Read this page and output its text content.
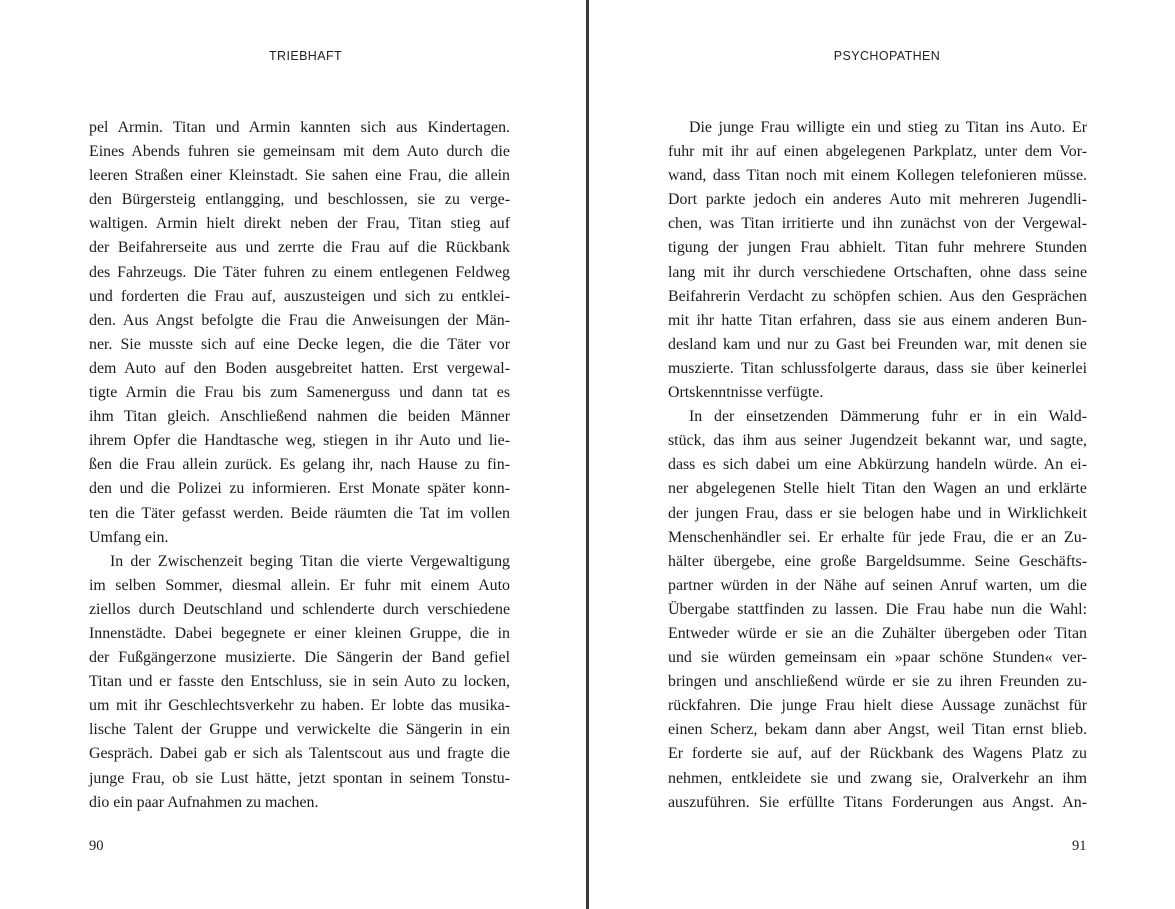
TRIEBHAFT
pel Armin. Titan und Armin kannten sich aus Kindertagen.
Eines Abends fuhren sie gemeinsam mit dem Auto durch die
leeren Straßen einer Kleinstadt. Sie sahen eine Frau, die allein
den Bürgersteig entlangging, und beschlossen, sie zu verge-
waltigen. Armin hielt direkt neben der Frau, Titan stieg auf
der Beifahrerseite aus und zerrte die Frau auf die Rückbank
des Fahrzeugs. Die Täter fuhren zu einem entlegenen Feldweg
und forderten die Frau auf, auszusteigen und sich zu entklei-
den. Aus Angst befolgte die Frau die Anweisungen der Män-
ner. Sie musste sich auf eine Decke legen, die die Täter vor
dem Auto auf den Boden ausgebreitet hatten. Erst vergewal-
tigte Armin die Frau bis zum Samenerguss und dann tat es
ihm Titan gleich. Anschließend nahmen die beiden Männer
ihrem Opfer die Handtasche weg, stiegen in ihr Auto und lie-
ßen die Frau allein zurück. Es gelang ihr, nach Hause zu fin-
den und die Polizei zu informieren. Erst Monate später konn-
ten die Täter gefasst werden. Beide räumten die Tat im vollen
Umfang ein.
In der Zwischenzeit beging Titan die vierte Vergewaltigung
im selben Sommer, diesmal allein. Er fuhr mit einem Auto
ziellos durch Deutschland und schlenderte durch verschiedene
Innenstädte. Dabei begegnete er einer kleinen Gruppe, die in
der Fußgängerzone musizierte. Die Sängerin der Band gefiel
Titan und er fasste den Entschluss, sie in sein Auto zu locken,
um mit ihr Geschlechtsverkehr zu haben. Er lobte das musika-
lische Talent der Gruppe und verwickelte die Sängerin in ein
Gespräch. Dabei gab er sich als Talentscout aus und fragte die
junge Frau, ob sie Lust hätte, jetzt spontan in seinem Tonstu-
dio ein paar Aufnahmen zu machen.
90
PSYCHOPATHEN
Die junge Frau willigte ein und stieg zu Titan ins Auto. Er
fuhr mit ihr auf einen abgelegenen Parkplatz, unter dem Vor-
wand, dass Titan noch mit einem Kollegen telefonieren müsse.
Dort parkte jedoch ein anderes Auto mit mehreren Jugendli-
chen, was Titan irritierte und ihn zunächst von der Vergewal-
tigung der jungen Frau abhielt. Titan fuhr mehrere Stunden
lang mit ihr durch verschiedene Ortschaften, ohne dass seine
Beifahrerin Verdacht zu schöpfen schien. Aus den Gesprächen
mit ihr hatte Titan erfahren, dass sie aus einem anderen Bun-
desland kam und nur zu Gast bei Freunden war, mit denen sie
muszierte. Titan schlussfolgerte daraus, dass sie über keinerlei
Ortskenntnisse verfügte.
In der einsetzenden Dämmerung fuhr er in ein Wald-
stück, das ihm aus seiner Jugendzeit bekannt war, und sagte,
dass es sich dabei um eine Abkürzung handeln würde. An ei-
ner abgelegenen Stelle hielt Titan den Wagen an und erklärte
der jungen Frau, dass er sie belogen habe und in Wirklichkeit
Menschenhändler sei. Er erhalte für jede Frau, die er an Zu-
hälter übergebe, eine große Bargeldsumme. Seine Geschäfts-
partner würden in der Nähe auf seinen Anruf warten, um die
Übergabe stattfinden zu lassen. Die Frau habe nun die Wahl:
Entweder würde er sie an die Zuhälter übergeben oder Titan
und sie würden gemeinsam ein »paar schöne Stunden« ver-
bringen und anschließend würde er sie zu ihren Freunden zu-
rückfahren. Die junge Frau hielt diese Aussage zunächst für
einen Scherz, bekam dann aber Angst, weil Titan ernst blieb.
Er forderte sie auf, auf der Rückbank des Wagens Platz zu
nehmen, entkleidete sie und zwang sie, Oralverkehr an ihm
auszuführen. Sie erfüllte Titans Forderungen aus Angst. An-
91
